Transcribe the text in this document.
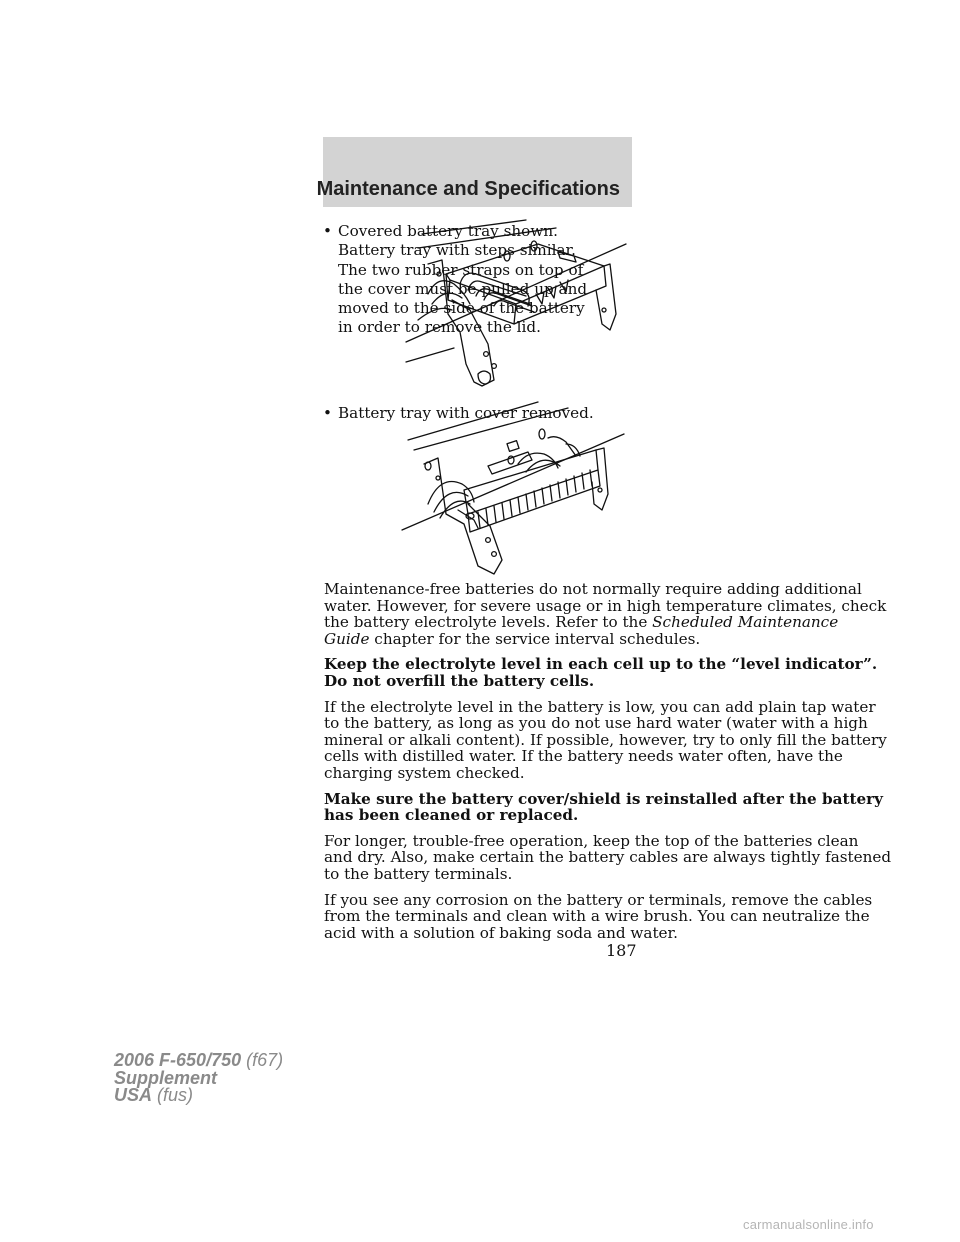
Maintenance and Specifications
• Covered battery tray shown.
Battery tray with steps similar.
The two rubber straps on top of
the cover must be pulled up and
moved to the side of the battery
in order to remove the lid.
• Battery tray with cover removed.

Maintenance-free batteries do not normally require adding additional
water. However, for severe usage or in high temperature climates, check
the battery electrolyte levels. Refer to the Scheduled Maintenance
Guide chapter for the service interval schedules.

Keep the electrolyte level in each cell up to the “level indicator”.
Do not overfill the battery cells.

If the electrolyte level in the battery is low, you can add plain tap water
to the battery, as long as you do not use hard water (water with a high
mineral or alkali content). If possible, however, try to only fill the battery
cells with distilled water. If the battery needs water often, have the
charging system checked.

Make sure the battery cover/shield is reinstalled after the battery
has been cleaned or replaced.

For longer, trouble-free operation, keep the top of the batteries clean
and dry. Also, make certain the battery cables are always tightly fastened
to the battery terminals.

If you see any corrosion on the battery or terminals, remove the cables
from the terminals and clean with a wire brush. You can neutralize the
acid with a solution of baking soda and water.

187
2006 F-650/750 (f67)
Supplement
USA (fus)
carmanualsonline.info
